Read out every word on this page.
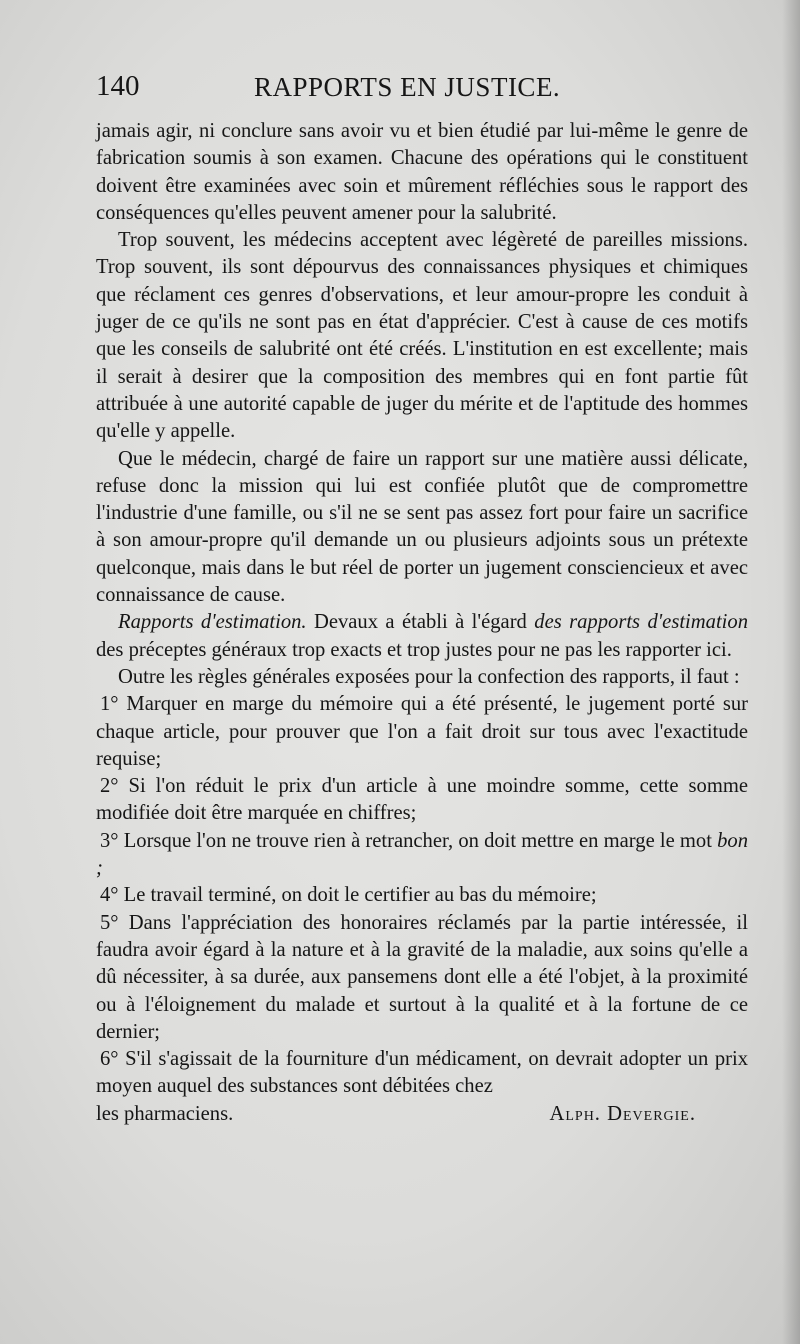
140	RAPPORTS EN JUSTICE.

jamais agir, ni conclure sans avoir vu et bien étudié par lui-même le genre de fabrication soumis à son examen. Chacune des opérations qui le constituent doivent être examinées avec soin et mûrement réfléchies sous le rapport des conséquences qu'elles peuvent amener pour la salubrité.

Trop souvent, les médecins acceptent avec légèreté de pareilles missions. Trop souvent, ils sont dépourvus des connaissances physiques et chimiques que réclament ces genres d'observations, et leur amour-propre les conduit à juger de ce qu'ils ne sont pas en état d'apprécier. C'est à cause de ces motifs que les conseils de salubrité ont été créés. L'institution en est excellente; mais il serait à desirer que la composition des membres qui en font partie fût attribuée à une autorité capable de juger du mérite et de l'aptitude des hommes qu'elle y appelle.

Que le médecin, chargé de faire un rapport sur une matière aussi délicate, refuse donc la mission qui lui est confiée plutôt que de compromettre l'industrie d'une famille, ou s'il ne se sent pas assez fort pour faire un sacrifice à son amour-propre qu'il demande un ou plusieurs adjoints sous un prétexte quelconque, mais dans le but réel de porter un jugement consciencieux et avec connaissance de cause.

Rapports d'estimation. Devaux a établi à l'égard des rapports d'estimation des préceptes généraux trop exacts et trop justes pour ne pas les rapporter ici.

Outre les règles générales exposées pour la confection des rapports, il faut :

1° Marquer en marge du mémoire qui a été présenté, le jugement porté sur chaque article, pour prouver que l'on a fait droit sur tous avec l'exactitude requise;

2° Si l'on réduit le prix d'un article à une moindre somme, cette somme modifiée doit être marquée en chiffres;

3° Lorsque l'on ne trouve rien à retrancher, on doit mettre en marge le mot bon ;

4° Le travail terminé, on doit le certifier au bas du mémoire;

5° Dans l'appréciation des honoraires réclamés par la partie intéressée, il faudra avoir égard à la nature et à la gravité de la maladie, aux soins qu'elle a dû nécessiter, à sa durée, aux pansemens dont elle a été l'objet, à la proximité ou à l'éloignement du malade et surtout à la qualité et à la fortune de ce dernier;

6° S'il s'agissait de la fourniture d'un médicament, on devrait adopter un prix moyen auquel des substances sont débitées chez

les pharmaciens.	Alph. Devergie.
